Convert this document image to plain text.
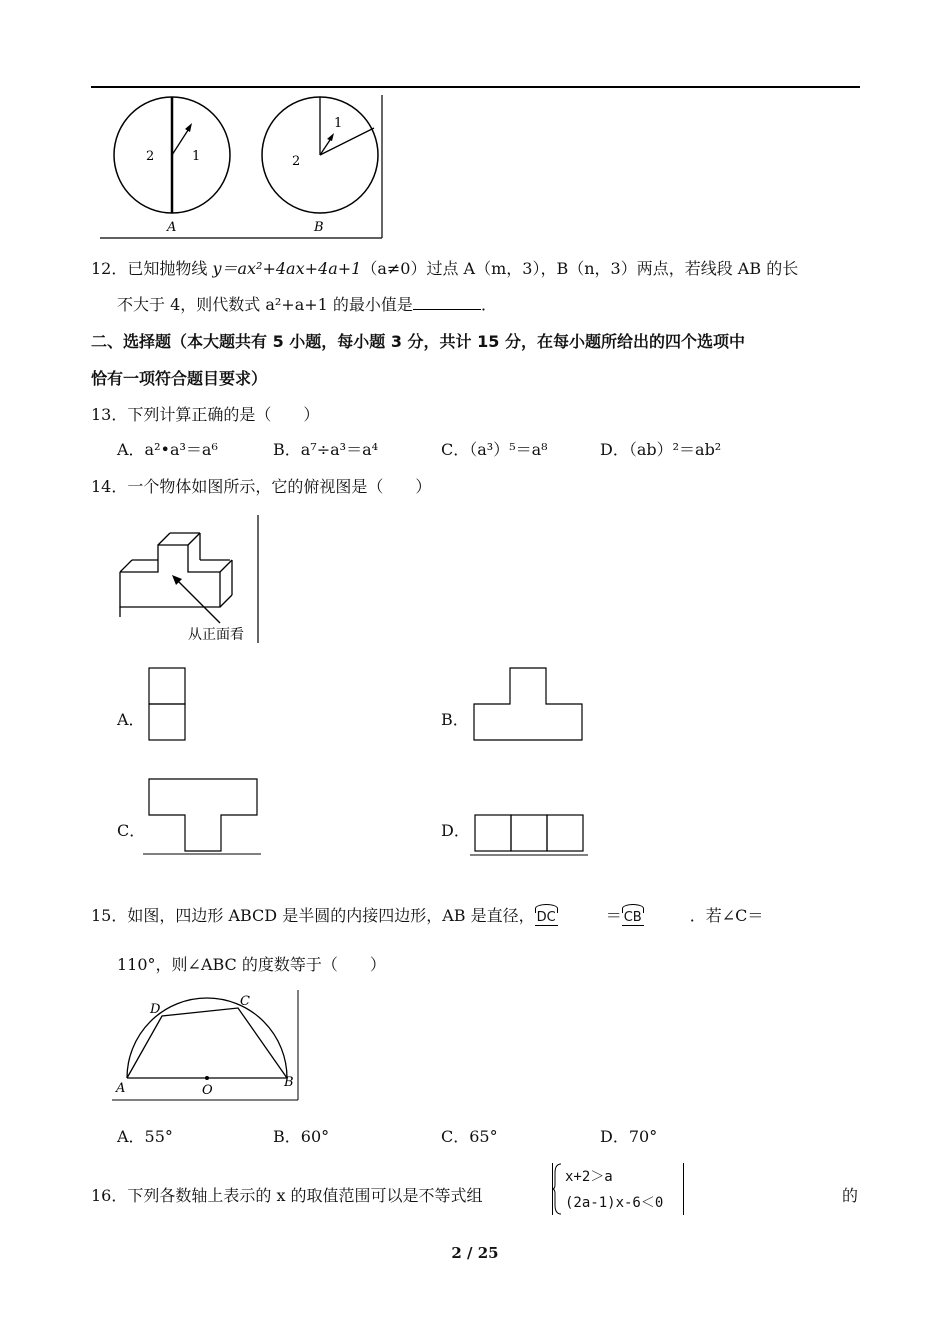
2	1
1
2
A	B
12．已知抛物线 y＝ax²+4ax+4a+1（a≠0）过点 A（m，3），B（n，3）两点，若线段 AB 的长
不大于 4，则代数式 a²+a+1 的最小值是	．
二、选择题（本大题共有 5 小题，每小题 3 分，共计 15 分，在每小题所给出的四个选项中
恰有一项符合题目要求）
13．下列计算正确的是（　　）
A．a²•a³＝a⁶	B．a⁷÷a³＝a⁴	C．（a³）⁵＝a⁸	D．（ab）²＝ab²
14．一个物体如图所示，它的俯视图是（　　）
从正面看
A．	B．
C．	D．
15．如图，四边形 ABCD 是半圆的内接四边形，AB 是直径， DC	＝ CB	．若∠C＝
110°，则∠ABC 的度数等于（　　）
D
C
A	B
O
A．55°	B．60°	C．65°	D．70°
16．下列各数轴上表示的 x 的取值范围可以是不等式组
x+2＞a
(2a-1)x-6＜0	的
2 / 25
